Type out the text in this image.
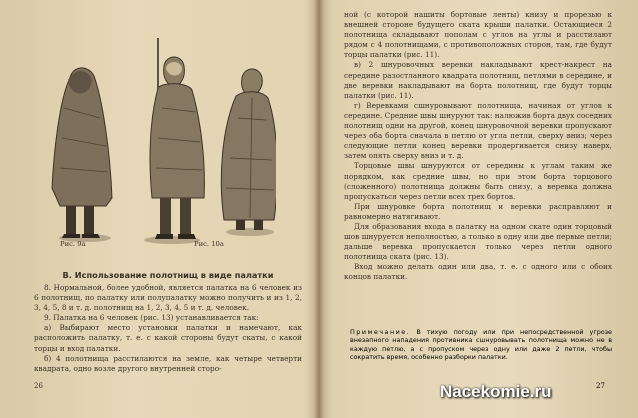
Рис. 9а	Рис. 10а

В. Использование полотнищ в виде палатки

8. Нормальной, более удобной, является палатка на 6 человек из 6 полотнищ, по палатку или полупалатку можно получить и из 1, 2, 3, 4, 5, 8 и т. д. полотнищ на 1, 2, 3, 4, 5 и т. д. человек.

9. Палатка на 6 человек (рис. 13) устанавливается так:

а) Выбирают место установки палатки и намечают, как расположить палатку, т. е. с какой стороны будут скаты, с какой торцы и вход палатки.

б) 4 полотнища расстилаются на земле, как четыре четверти квадрата, одно возле другого внутренней сторо-

26

ной (с которой нашиты бортовые ленты) книзу и прорезью к внешней стороне будущего ската крыши палатки. Остающиеся 2 полотнища складывают пополам с углов на углы и расстилают рядом с 4 полотнищами, с противоположных сторон, там, где будут торцы палатки (рис. 11).

в) 2 шнуровочных веревки накладывают крест-накрест на середине разостланного квадрата полотнищ, петлями в середине, и две веревки накладывают на борта полотнищ, где будут торцы палатки (рис. 11).

г) Веревками сшнуровывают полотнища, начиная от углов к середине. Средние швы шнуруют так: налюжив борта двух соседних полотнищ одни на другой, конец шнуровочной веревки пропускают через оба борта сначала в петлю от угла петли, сверху вниз; через следующие петли конец веревки продергивается снизу наверх, затем опять сверху вниз и т. д.

Торцовые швы шнуруются от середины к углам таким же порядком, как средние швы, но при этом борта торцового (сложенного) полотнища должны быть снизу, а веревка должна пропускаться через петли всех трех бортов.

При шнуровке борта полотнищ и веревки расправляют и равномерно натягивают.

Для образования входа в палатку на одном скате один торцовый шов шнуруется неполностью, а только в одну или две первые петли; дальше веревка пропускается только через петли одного полотнища ската (рис. 13).

Вход можно делать один или два, т. е. с одного или с обоих концов палатки.

Примечание. В тихую погоду или при непосредственной угрозе внезапного нападения противника сшнуровывать полотнища можно не в каждую петлю, а с пропуском через одну или даже 2 петли, чтобы сократить время, особенно разборки палатки.

27

Nacekomie.ru
